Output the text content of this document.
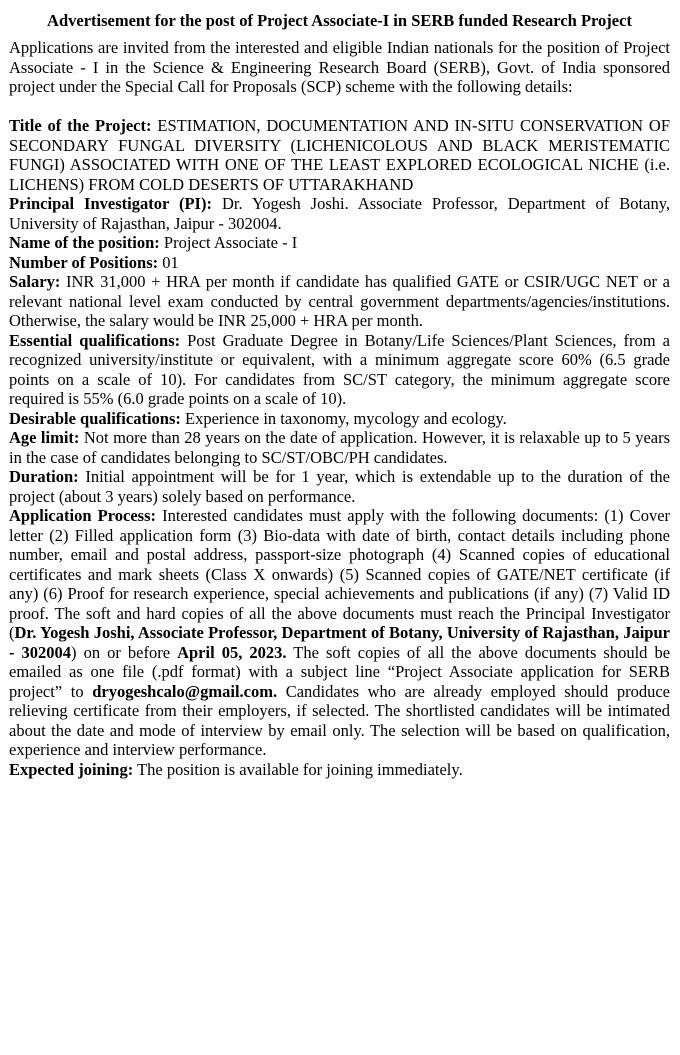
Advertisement for the post of Project Associate-I in SERB funded Research Project

Applications are invited from the interested and eligible Indian nationals for the position of Project Associate - I in the Science & Engineering Research Board (SERB), Govt. of India sponsored project under the Special Call for Proposals (SCP) scheme with the following details:

Title of the Project: ESTIMATION, DOCUMENTATION AND IN-SITU CONSERVATION OF SECONDARY FUNGAL DIVERSITY (LICHENICOLOUS AND BLACK MERISTEMATIC FUNGI) ASSOCIATED WITH ONE OF THE LEAST EXPLORED ECOLOGICAL NICHE (i.e. LICHENS) FROM COLD DESERTS OF UTTARAKHAND

Principal Investigator (PI): Dr. Yogesh Joshi. Associate Professor, Department of Botany, University of Rajasthan, Jaipur - 302004.

Name of the position: Project Associate - I

Number of Positions: 01

Salary: INR 31,000 + HRA per month if candidate has qualified GATE or CSIR/UGC NET or a relevant national level exam conducted by central government departments/agencies/institutions. Otherwise, the salary would be INR 25,000 + HRA per month.

Essential qualifications: Post Graduate Degree in Botany/Life Sciences/Plant Sciences, from a recognized university/institute or equivalent, with a minimum aggregate score 60% (6.5 grade points on a scale of 10). For candidates from SC/ST category, the minimum aggregate score required is 55% (6.0 grade points on a scale of 10).

Desirable qualifications: Experience in taxonomy, mycology and ecology.

Age limit: Not more than 28 years on the date of application. However, it is relaxable up to 5 years in the case of candidates belonging to SC/ST/OBC/PH candidates.

Duration: Initial appointment will be for 1 year, which is extendable up to the duration of the project (about 3 years) solely based on performance.

Application Process: Interested candidates must apply with the following documents: (1) Cover letter (2) Filled application form (3) Bio-data with date of birth, contact details including phone number, email and postal address, passport-size photograph (4) Scanned copies of educational certificates and mark sheets (Class X onwards) (5) Scanned copies of GATE/NET certificate (if any) (6) Proof for research experience, special achievements and publications (if any) (7) Valid ID proof. The soft and hard copies of all the above documents must reach the Principal Investigator (Dr. Yogesh Joshi, Associate Professor, Department of Botany, University of Rajasthan, Jaipur - 302004) on or before April 05, 2023. The soft copies of all the above documents should be emailed as one file (.pdf format) with a subject line “Project Associate application for SERB project” to dryogeshcalo@gmail.com. Candidates who are already employed should produce relieving certificate from their employers, if selected. The shortlisted candidates will be intimated about the date and mode of interview by email only. The selection will be based on qualification, experience and interview performance.

Expected joining: The position is available for joining immediately.
